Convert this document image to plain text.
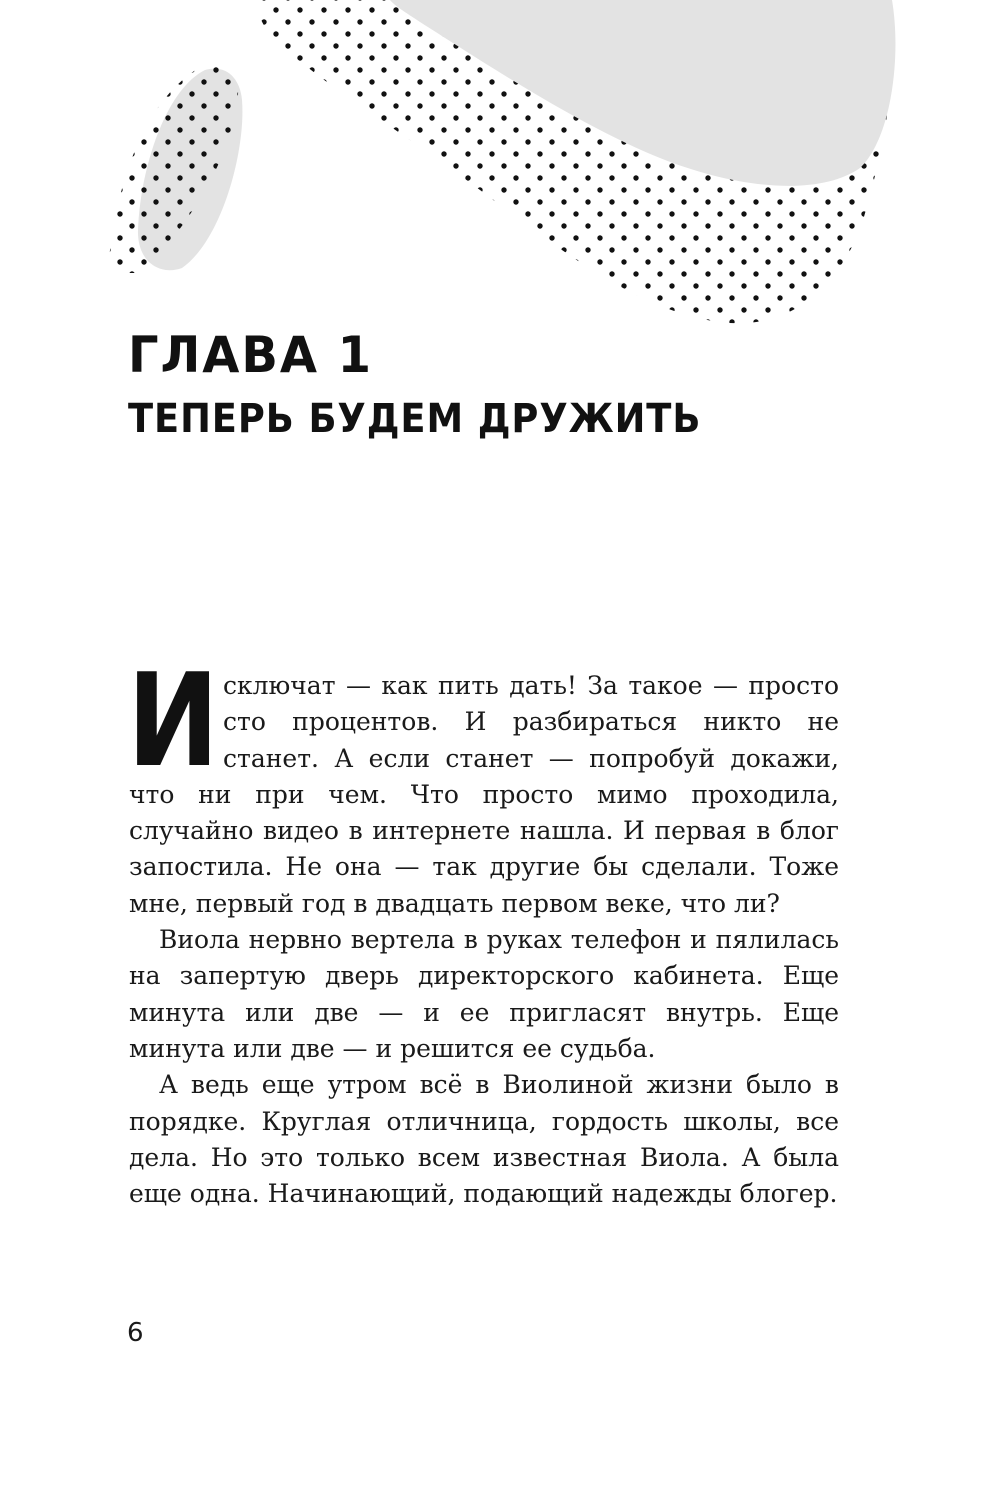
ГЛАВА 1
ТЕПЕРЬ БУДЕМ ДРУЖИТЬ

Исключат — как пить дать! За такое — просто сто процентов. И разбираться никто не станет. А если станет — попробуй докажи, что ни при чем. Что просто мимо проходила, случайно видео в интернете нашла. И первая в блог запостила. Не она — так другие бы сделали. Тоже мне, первый год в двадцать первом веке, что ли?

Виола нервно вертела в руках телефон и пялилась на запертую дверь директорского кабинета. Еще минута или две — и ее пригласят внутрь. Еще минута или две — и решится ее судьба.

А ведь еще утром всё в Виолиной жизни было в порядке. Круглая отличница, гордость школы, все дела. Но это только всем известная Виола. А была еще одна. Начинающий, подающий надежды блогер.

6
